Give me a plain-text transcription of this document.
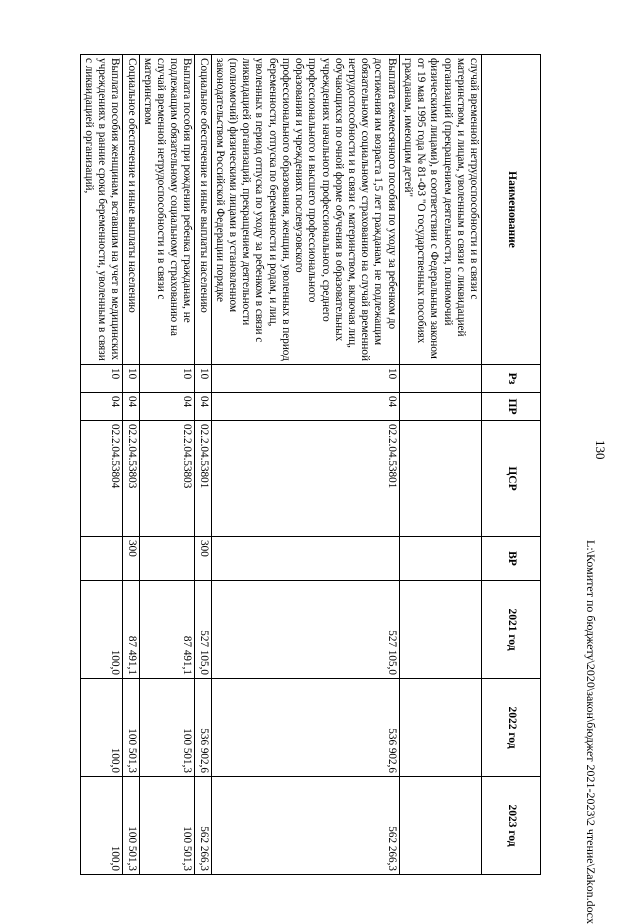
130
Наименование	Рз	ПР	ЦСР	ВР	2021 год	2022 год	2023 год
случай временной нетрудоспособности и в связи с материнством, и лицам, уволенным в связи с ликвидацией организаций (прекращением деятельности, полномочий физическими лицами), в соответствии с Федеральным законом от 19 мая 1995 года № 81-ФЗ "О государственных пособиях гражданам, имеющим детей"							
Выплата ежемесячного пособия по уходу за ребенком до достижения им возраста 1,5 лет гражданам, не подлежащим обязательному социальному страхованию на случай временной нетрудоспособности и в связи с материнством, включая лиц, обучающихся по очной форме обучения в образовательных учреждениях начального профессионального, среднего профессионального и высшего профессионального образования и учреждениях послевузовского профессионального образования, женщин, уволенных в период беременности, отпуска по беременности и родам, и лиц, уволенных в период отпуска по уходу за ребенком в связи с ликвидацией организаций, прекращением деятельности (полномочий) физическими лицами в установленном законодательством Российской Федерации порядке	10	04	02.2.04.53801		527 105,0	536 902,6	562 266,3
Социальное обеспечение и иные выплаты населению	10	04	02.2.04.53801	300	527 105,0	536 902,6	562 266,3
Выплата пособия при рождении ребенка гражданам, не подлежащим обязательному социальному страхованию на случай временной нетрудоспособности и в связи с материнством	10	04	02.2.04.53803		87 491,1	100 501,3	100 501,3
Социальное обеспечение и иные выплаты населению	10	04	02.2.04.53803	300	87 491,1	100 501,3	100 501,3
Выплата пособия женщинам, вставшим на учет в медицинских учреждениях в ранние сроки беременности, уволенным в связи с ликвидацией организаций,	10	04	02.2.04.53804		100,0	100,0	100,0	L:\Комитет по бюджету\2020\закон\бюджет 2021-2023\2 чтение\Zakon.docx
